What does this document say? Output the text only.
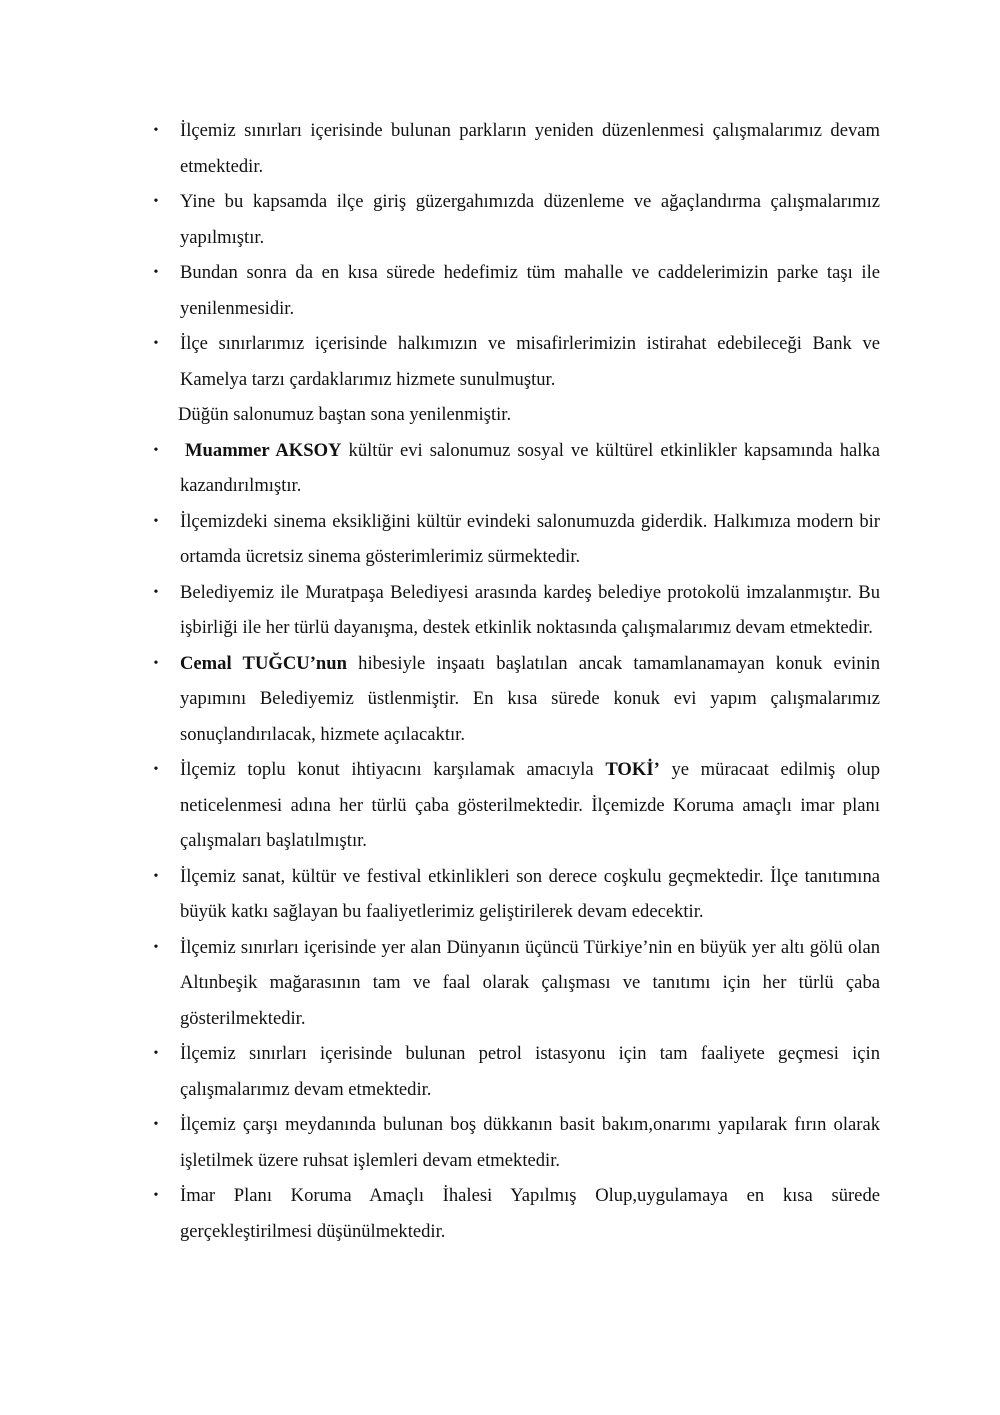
•	İlçemiz sınırları içerisinde bulunan parkların yeniden düzenlenmesi çalışmalarımız devam etmektedir.
•	Yine bu kapsamda ilçe giriş güzergahımızda düzenleme ve ağaçlandırma çalışmalarımız yapılmıştır.
•	Bundan sonra da en kısa sürede hedefimiz tüm mahalle ve caddelerimizin parke taşı ile yenilenmesidir.
•	İlçe sınırlarımız içerisinde halkımızın ve misafirlerimizin istirahat edebileceği Bank ve Kamelya tarzı çardaklarımız hizmete sunulmuştur.
Düğün salonumuz baştan sona yenilenmiştir.
•	Muammer AKSOY kültür evi salonumuz sosyal ve kültürel etkinlikler kapsamında halka kazandırılmıştır.
•	İlçemizdeki sinema eksikliğini kültür evindeki salonumuzda giderdik. Halkımıza modern bir ortamda ücretsiz sinema gösterimlerimiz sürmektedir.
•	Belediyemiz ile Muratpaşa Belediyesi arasında kardeş belediye protokolü imzalanmıştır. Bu işbirliği ile her türlü dayanışma, destek etkinlik noktasında çalışmalarımız devam etmektedir.
•	Cemal TUĞCU’nun hibesiyle inşaatı başlatılan ancak tamamlanamayan konuk evinin yapımını Belediyemiz üstlenmiştir. En kısa sürede konuk evi yapım çalışmalarımız sonuçlandırılacak, hizmete açılacaktır.
•	İlçemiz toplu konut ihtiyacını karşılamak amacıyla TOKİ’ ye müracaat edilmiş olup neticelenmesi adına her türlü çaba gösterilmektedir. İlçemizde Koruma amaçlı imar planı çalışmaları başlatılmıştır.
•	İlçemiz sanat, kültür ve festival etkinlikleri son derece coşkulu geçmektedir. İlçe tanıtımına büyük katkı sağlayan bu faaliyetlerimiz geliştirilerek devam edecektir.
•	İlçemiz sınırları içerisinde yer alan Dünyanın üçüncü Türkiye’nin en büyük yer altı gölü olan Altınbeşik mağarasının tam ve faal olarak çalışması ve tanıtımı için her türlü çaba gösterilmektedir.
•	İlçemiz sınırları içerisinde bulunan petrol istasyonu için tam faaliyete geçmesi için çalışmalarımız devam etmektedir.
•	İlçemiz çarşı meydanında bulunan boş dükkanın basit bakım,onarımı yapılarak fırın olarak işletilmek üzere ruhsat işlemleri devam etmektedir.
•	İmar Planı Koruma Amaçlı İhalesi Yapılmış Olup,uygulamaya en kısa sürede gerçekleştirilmesi düşünülmektedir.
